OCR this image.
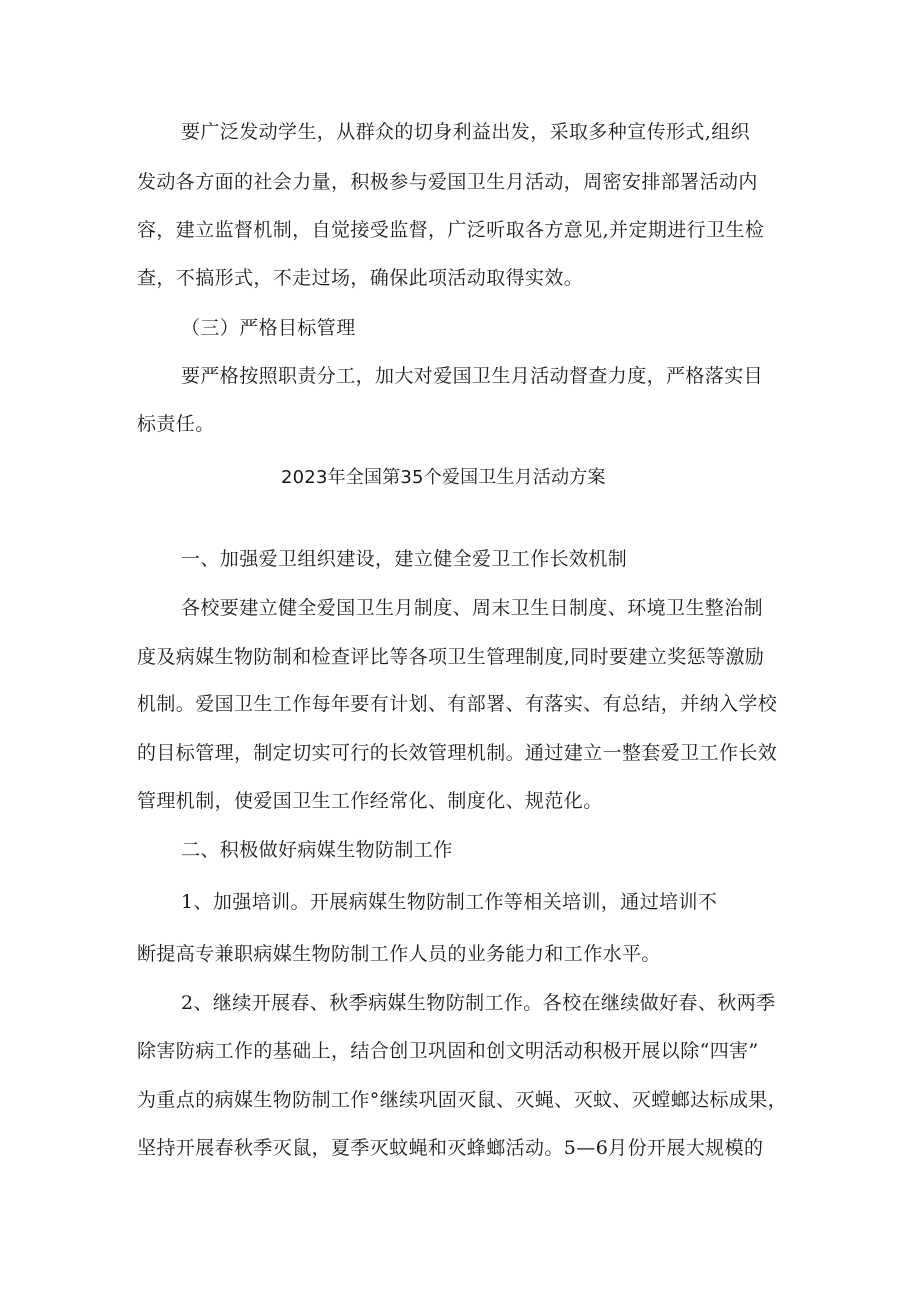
要广泛发动学生，从群众的切身利益出发，采取多种宣传形式,组织

发动各方面的社会力量，积极参与爱国卫生月活动，周密安排部署活动内

容，建立监督机制，自觉接受监督，广泛听取各方意见,并定期进行卫生检

查，不搞形式，不走过场，确保此项活动取得实效。

（三）严格目标管理

要严格按照职责分工，加大对爱国卫生月活动督查力度，严格落实目

标责任。

2023年全国第35个爱国卫生月活动方案

一、加强爱卫组织建设，建立健全爱卫工作长效机制

各校要建立健全爱国卫生月制度、周末卫生日制度、环境卫生整治制

度及病媒生物防制和检查评比等各项卫生管理制度,同时要建立奖惩等激励

机制。爱国卫生工作每年要有计划、有部署、有落实、有总结，并纳入学校

的目标管理，制定切实可行的长效管理机制。通过建立一整套爱卫工作长效

管理机制，使爱国卫生工作经常化、制度化、规范化。

二、积极做好病媒生物防制工作

1、加强培训。开展病媒生物防制工作等相关培训，通过培训不

断提高专兼职病媒生物防制工作人员的业务能力和工作水平。

2、继续开展春、秋季病媒生物防制工作。各校在继续做好春、秋两季

除害防病工作的基础上，结合创卫巩固和创文明活动积极开展以除“四害”

为重点的病媒生物防制工作°继续巩固灭鼠、灭蝇、灭蚊、灭螳螂达标成果，

坚持开展春秋季灭鼠，夏季灭蚊蝇和灭蜂螂活动。5—6月份开展大规模的
